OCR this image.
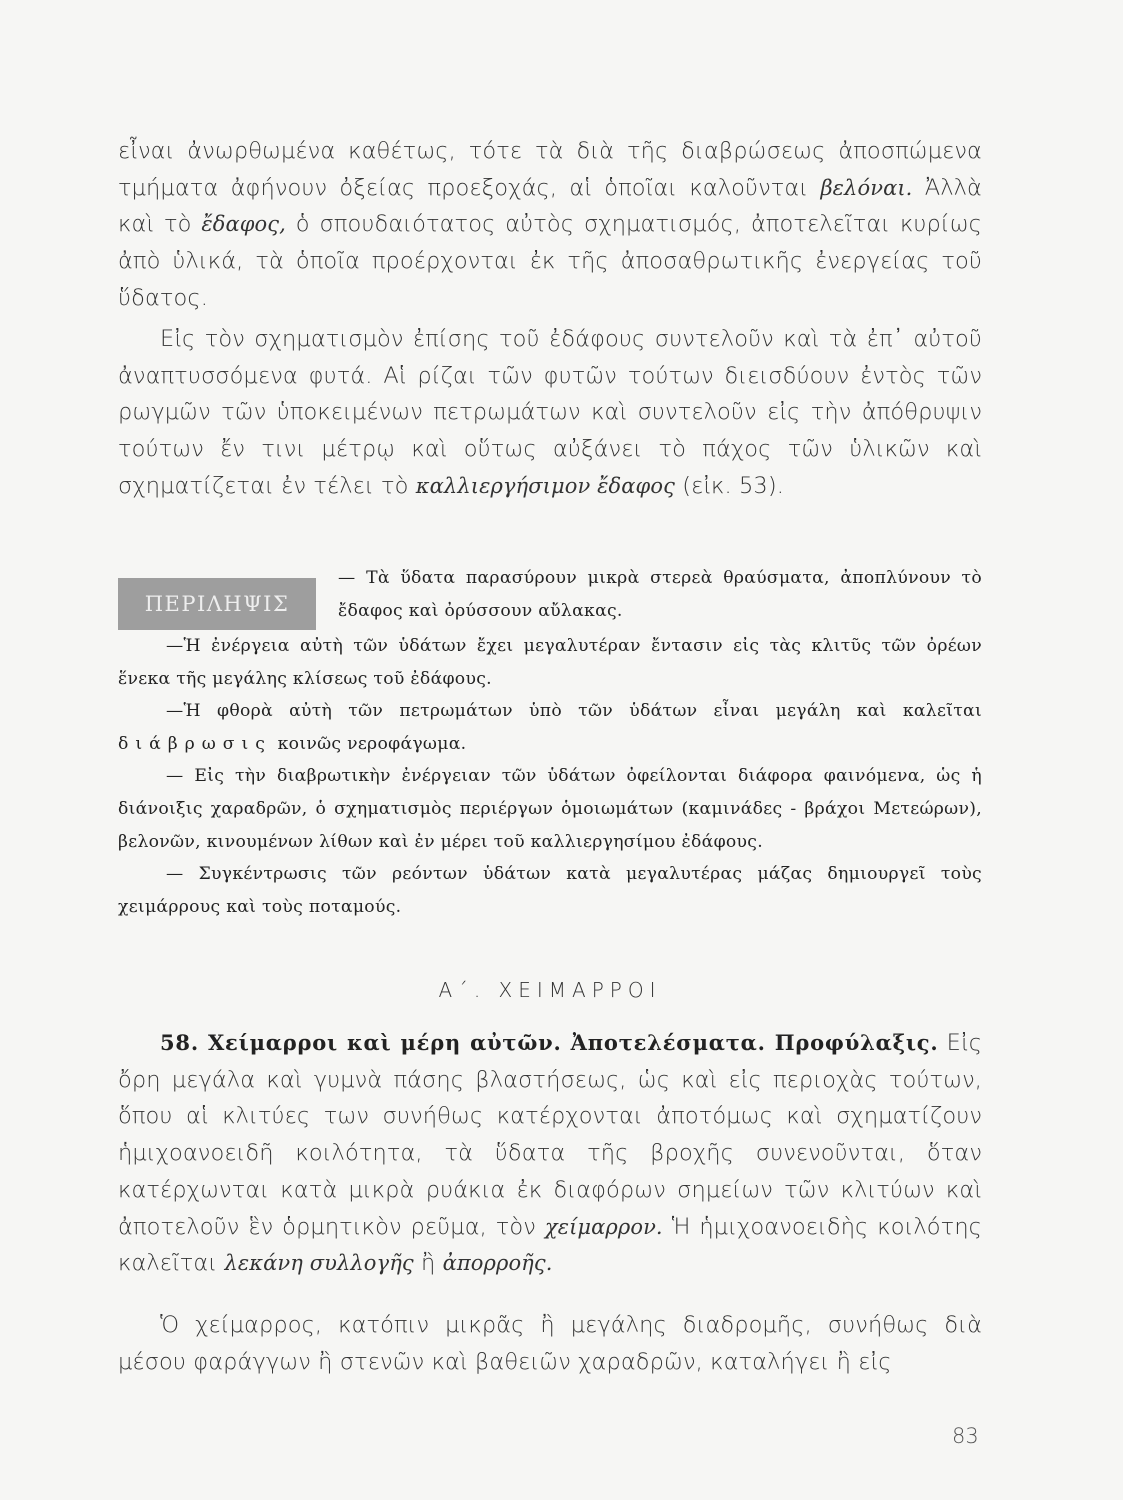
εἶναι ἀνωρθωμένα καθέτως, τότε τὰ διὰ τῆς διαβρώσεως ἀποσπώμενα τμήματα ἀφήνουν ὀξείας προεξοχάς, αἱ ὁποῖαι καλοῦνται βελόναι. Ἀλλὰ καὶ τὸ ἔδαφος, ὁ σπουδαιότατος αὐτὸς σχηματισμός, ἀποτελεῖται κυρίως ἀπὸ ὑλικά, τὰ ὁποῖα προέρχονται ἐκ τῆς ἀποσαθρωτικῆς ἐνεργείας τοῦ ὕδατος.

Εἰς τὸν σχηματισμὸν ἐπίσης τοῦ ἐδάφους συντελοῦν καὶ τὰ ἐπ᾽ αὐτοῦ ἀναπτυσσόμενα φυτά. Αἱ ρίζαι τῶν φυτῶν τούτων διεισδύουν ἐντὸς τῶν ρωγμῶν τῶν ὑποκειμένων πετρωμάτων καὶ συντελοῦν εἰς τὴν ἀπόθρυψιν τούτων ἔν τινι μέτρῳ καὶ οὕτως αὐξάνει τὸ πάχος τῶν ὑλικῶν καὶ σχηματίζεται ἐν τέλει τὸ καλλιεργήσιμον ἔδαφος (εἰκ. 53).

ΠΕΡΙΛΗΨΙΣ

— Τὰ ὕδατα παρασύρουν μικρὰ στερεὰ θραύσματα, ἀποπλύνουν τὸ ἔδαφος καὶ ὀρύσσουν αὔλακας.

—Ἡ ἐνέργεια αὐτὴ τῶν ὑδάτων ἔχει μεγαλυτέραν ἔντασιν εἰς τὰς κλιτῦς τῶν ὀρέων ἕνεκα τῆς μεγάλης κλίσεως τοῦ ἐδάφους.

—Ἡ φθορὰ αὐτὴ τῶν πετρωμάτων ὑπὸ τῶν ὑδάτων εἶναι μεγάλη καὶ καλεῖται διάβρωσις κοινῶς νεροφάγωμα.

— Εἰς τὴν διαβρωτικὴν ἐνέργειαν τῶν ὑδάτων ὀφείλονται διάφορα φαινόμενα, ὡς ἡ διάνοιξις χαραδρῶν, ὁ σχηματισμὸς περιέργων ὁμοιωμάτων (καμινάδες - βράχοι Μετεώρων), βελονῶν, κινουμένων λίθων καὶ ἐν μέρει τοῦ καλλιεργησίμου ἐδάφους.

— Συγκέντρωσις τῶν ρεόντων ὑδάτων κατὰ μεγαλυτέρας μάζας δημιουργεῖ τοὺς χειμάρρους καὶ τοὺς ποταμούς.

Α΄. ΧΕΙΜΑΡΡΟΙ

58. Χείμαρροι καὶ μέρη αὐτῶν. Ἀποτελέσματα. Προφύλαξις. Εἰς ὄρη μεγάλα καὶ γυμνὰ πάσης βλαστήσεως, ὡς καὶ εἰς περιοχὰς τούτων, ὅπου αἱ κλιτύες των συνήθως κατέρχονται ἀποτόμως καὶ σχηματίζουν ἡμιχοανοειδῆ κοιλότητα, τὰ ὕδατα τῆς βροχῆς συνενοῦνται, ὅταν κατέρχωνται κατὰ μικρὰ ρυάκια ἐκ διαφόρων σημείων τῶν κλιτύων καὶ ἀποτελοῦν ἓν ὁρμητικὸν ρεῦμα, τὸν χείμαρρον. Ἡ ἡμιχοανοειδὴς κοιλότης καλεῖται λεκάνη συλλογῆς ἢ ἀπορροῆς.

Ὁ χείμαρρος, κατόπιν μικρᾶς ἢ μεγάλης διαδρομῆς, συνήθως διὰ μέσου φαράγγων ἢ στενῶν καὶ βαθειῶν χαραδρῶν, καταλήγει ἢ εἰς

83
